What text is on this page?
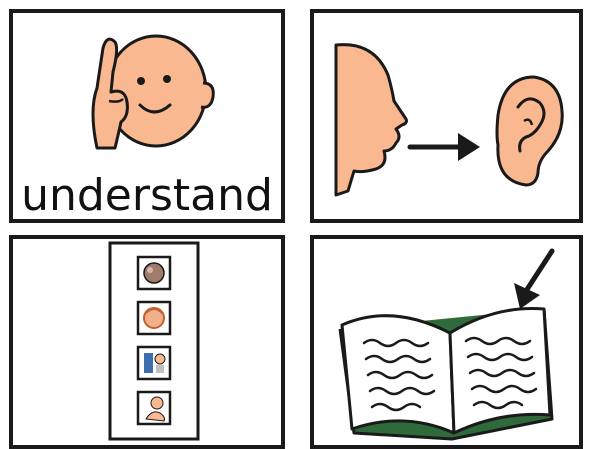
understand
